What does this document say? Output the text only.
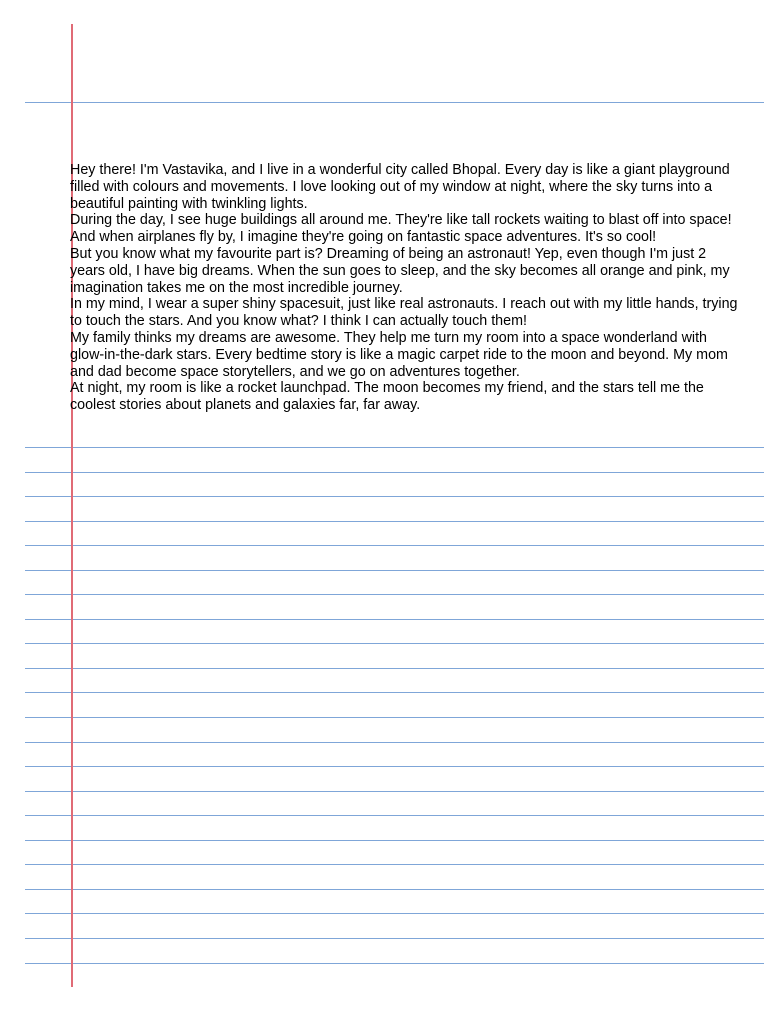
Hey there! I'm Vastavika, and I live in a wonderful city called Bhopal. Every day is like a giant playground filled with colours and movements. I love looking out of my window at night, where the sky turns into a beautiful painting with twinkling lights.

During the day, I see huge buildings all around me. They're like tall rockets waiting to blast off into space! And when airplanes fly by, I imagine they're going on fantastic space adventures. It's so cool!

But you know what my favourite part is? Dreaming of being an astronaut! Yep, even though I'm just 2 years old, I have big dreams. When the sun goes to sleep, and the sky becomes all orange and pink, my imagination takes me on the most incredible journey.

In my mind, I wear a super shiny spacesuit, just like real astronauts. I reach out with my little hands, trying to touch the stars. And you know what? I think I can actually touch them!

My family thinks my dreams are awesome. They help me turn my room into a space wonderland with glow-in-the-dark stars. Every bedtime story is like a magic carpet ride to the moon and beyond. My mom and dad become space storytellers, and we go on adventures together.

At night, my room is like a rocket launchpad. The moon becomes my friend, and the stars tell me the coolest stories about planets and galaxies far, far away.
